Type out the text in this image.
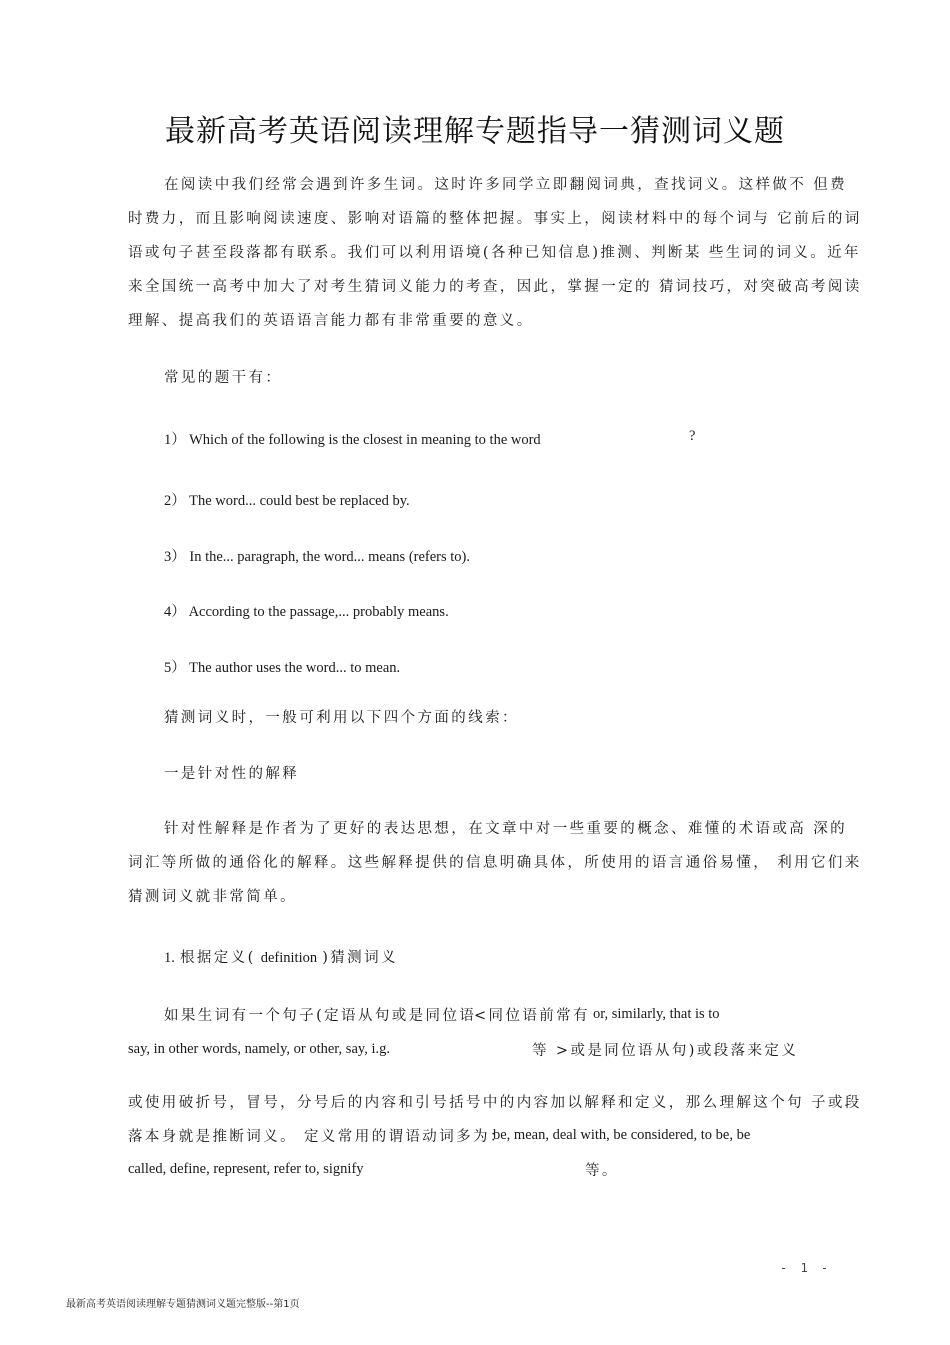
最新高考英语阅读理解专题指导一猜测词义题
在阅读中我们经常会遇到许多生词。这时许多同学立即翻阅词典，查找词义。这样做不 但费
时费力，而且影响阅读速度、影响对语篇的整体把握。事实上，阅读材料中的每个词与 它前后的词
语或句子甚至段落都有联系。我们可以利用语境(各种已知信息)推测、判断某 些生词的词义。近年
来全国统一高考中加大了对考生猜词义能力的考查，因此，掌握一定的 猜词技巧，对突破高考阅读
理解、提高我们的英语语言能力都有非常重要的意义。
常见的题干有：
1） Which of the following is the closest in meaning to the word	?
2） The word... could best be replaced by.
3） In the... paragraph, the word... means (refers to).
4） According to the passage,... probably means.
5） The author uses the word... to mean.
猜测词义时，一般可利用以下四个方面的线索：
一是针对性的解释
针对性解释是作者为了更好的表达思想，在文章中对一些重要的概念、难懂的术语或高 深的
词汇等所做的通俗化的解释。这些解释提供的信息明确具体，所使用的语言通俗易懂， 利用它们来
猜测词义就非常简单。
1. 根据定义( definition )猜测词义
如果生词有一个句子(定语从句或是同位语
<同位语前常有 or, similarly, that is to
say, in other words, namely, or other, say, i.g.	等 >或是同位语从句)或段落来定义
或使用破折号，冒号，分号后的内容和引号括号中的内容加以解释和定义，那么理解这个句 子或段
落本身就是推断词义。 定义常用的谓语动词多为：
be, mean, deal with, be considered, to be, be
called, define, represent, refer to, signify	等。
- 1 -
最新高考英语阅读理解专题猜测词义题完整版--第1页
